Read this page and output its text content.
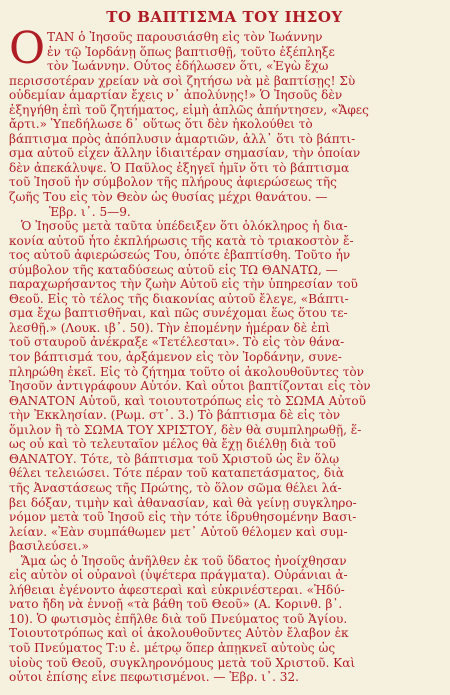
ΤΟ ΒΑΠΤΙΣΜΑ ΤΟΥ ΙΗΣΟΥ
Ο ΤΑΝ ὁ Ἰησοῦς παρουσιάσθη εἰς τὸν Ἰωάννην
ἐν τῷ Ἰορδάνῃ ὅπως βαπτισθῇ, τοῦτο ἐξέπληξε
τὸν Ἰωάννην. Οὗτος ἐδήλωσεν ὅτι, «Ἐγὼ ἔχω
περισσοτέραν χρείαν νὰ σοὶ ζητήσω νὰ μὲ βαπτίσῃς! Σὺ
οὐδεμίαν ἁμαρτίαν ἔχεις ν᾽ ἀπολύνῃς!» Ὁ Ἰησοῦς δὲν
ἐξηγήθη ἐπὶ τοῦ ζητήματος, εἰμὴ ἁπλῶς ἀπήντησεν, «Ἄφες
ἄρτι.» Ὑπεδήλωσε δ᾽ οὕτως ὅτι δὲν ἠκολούθει τὸ
βάπτισμα πρὸς ἀπόπλυσιν ἁμαρτιῶν, ἀλλ᾽ ὅτι τὸ βάπτι-
σμα αὐτοῦ εἶχεν ἄλλην ἰδιαιτέραν σημασίαν, τὴν ὁποίαν
δὲν ἀπεκάλυψε. Ὁ Παῦλος ἐξηγεῖ ἡμῖν ὅτι τὸ βάπτισμα
τοῦ Ἰησοῦ ἦν σύμβολον τῆς πλήρους ἀφιερώσεως τῆς
ζωῆς Του εἰς τὸν Θεὸν ὡς θυσίας μέχρι θανάτου. —
Ἑβρ. ι᾽. 5—9.
Ὁ Ἰησοῦς μετὰ ταῦτα ὑπέδειξεν ὅτι ὁλόκληρος ἡ δια-
κονία αὐτοῦ ἦτο ἐκπλήρωσις τῆς κατὰ τὸ τριακοστὸν ἔ-
τος αὐτοῦ ἀφιερώσεώς Του, ὁπότε ἐβαπτίσθη. Τοῦτο ἦν
σύμβολον τῆς καταδύσεως αὐτοῦ εἰς ΤΩ ΘΑΝΑΤΩ, —
παραχωρήσαντος τὴν ζωὴν Αὐτοῦ εἰς τὴν ὑπηρεσίαν τοῦ
Θεοῦ. Εἰς τὸ τέλος τῆς διακονίας αὐτοῦ ἔλεγε, «Βάπτι-
σμα ἔχω βαπτισθῆναι, καὶ πῶς συνέχομαι ἕως ὅτου τε-
λεσθῇ.» (Λουκ. ιβ᾽. 50). Τὴν ἐπομένην ἡμέραν δὲ ἐπὶ
τοῦ σταυροῦ ἀνέκραξε «Τετέλεσται». Τὸ εἰς τὸν θάνα-
τον βάπτισμά του, ἀρξάμενον εἰς τὸν Ἰορδάνην, συνε-
πληρώθη ἐκεῖ. Εἰς τὸ ζήτημα τοῦτο οἱ ἀκολουθοῦντες τὸν
Ἰησοῦν ἀντιγράφουν Αὐτόν. Καὶ οὗτοι βαπτίζονται εἰς τὸν
ΘΑΝΑΤΟΝ Αὐτοῦ, καὶ τοιουτοτρόπως εἰς τὸ ΣΩΜΑ Αὐτοῦ
τὴν Ἐκκλησίαν. (Ρωμ. στ᾽. 3.) Τὸ βάπτισμα δὲ εἰς τὸν
ὅμιλον ἢ τὸ ΣΩΜΑ ΤΟΥ ΧΡΙΣΤΟΥ, δὲν θὰ συμπληρωθῇ, ἕ-
ως οὗ καὶ τὸ τελευταῖον μέλος θὰ ἔχῃ διέλθῃ διὰ τοῦ
ΘΑΝΑΤΟΥ. Τότε, τὸ βάπτισμα τοῦ Χριστοῦ ὡς ἓν ὅλῳ
θέλει τελειώσει. Τότε πέραν τοῦ καταπετάσματος, διὰ
τῆς Ἀναστάσεως τῆς Πρώτης, τὸ ὅλον σῶμα θέλει λά-
βει δόξαν, τιμὴν καὶ ἀθανασίαν, καὶ θὰ γείνῃ συγκληρο-
νόμον μετὰ τοῦ Ἰησοῦ εἰς τὴν τότε ἱδρυθησομένην Βασι-
λείαν. «Ἐὰν συμπάθωμεν μετ᾽ Αὐτοῦ θέλομεν καὶ συμ-
βασιλεύσει.»
Ἅμα ὡς ὁ Ἰησοῦς ἀνῆλθεν ἐκ τοῦ ὕδατος ἠνοίχθησαν
εἰς αὐτὸν οἱ οὐρανοὶ (ὑψέτερα πράγματα). Οὐράνιαι ἀ-
λήθειαι ἐγένοντο ἀφεστεραὶ καὶ εὐκρινέστεραι. «Ἠδύ-
νατο ἤδη νὰ ἐννοῇ «τὰ βάθη τοῦ Θεοῦ» (Α. Κορινθ. β᾽.
10). Ὁ φωτισμὸς ἐπῆλθε διὰ τοῦ Πνεύματος τοῦ Ἁγίου.
Τοιουτοτρόπως καὶ οἱ ἀκολουθοῦντες Αὐτὸν ἔλαβον ἐκ
τοῦ Πνεύματος Τ:υ ἐ. μέτρῳ ὅπερ ἀπῃκνεῖ αὐτοὺς ὡς
υἱοὺς τοῦ Θεοῦ, συγκληρονόμους μετὰ τοῦ Χριστοῦ. Καὶ
οὗτοι ἐπίσης εἶνε πεφωτισμένοι. — Ἑβρ. ι᾽. 32.
